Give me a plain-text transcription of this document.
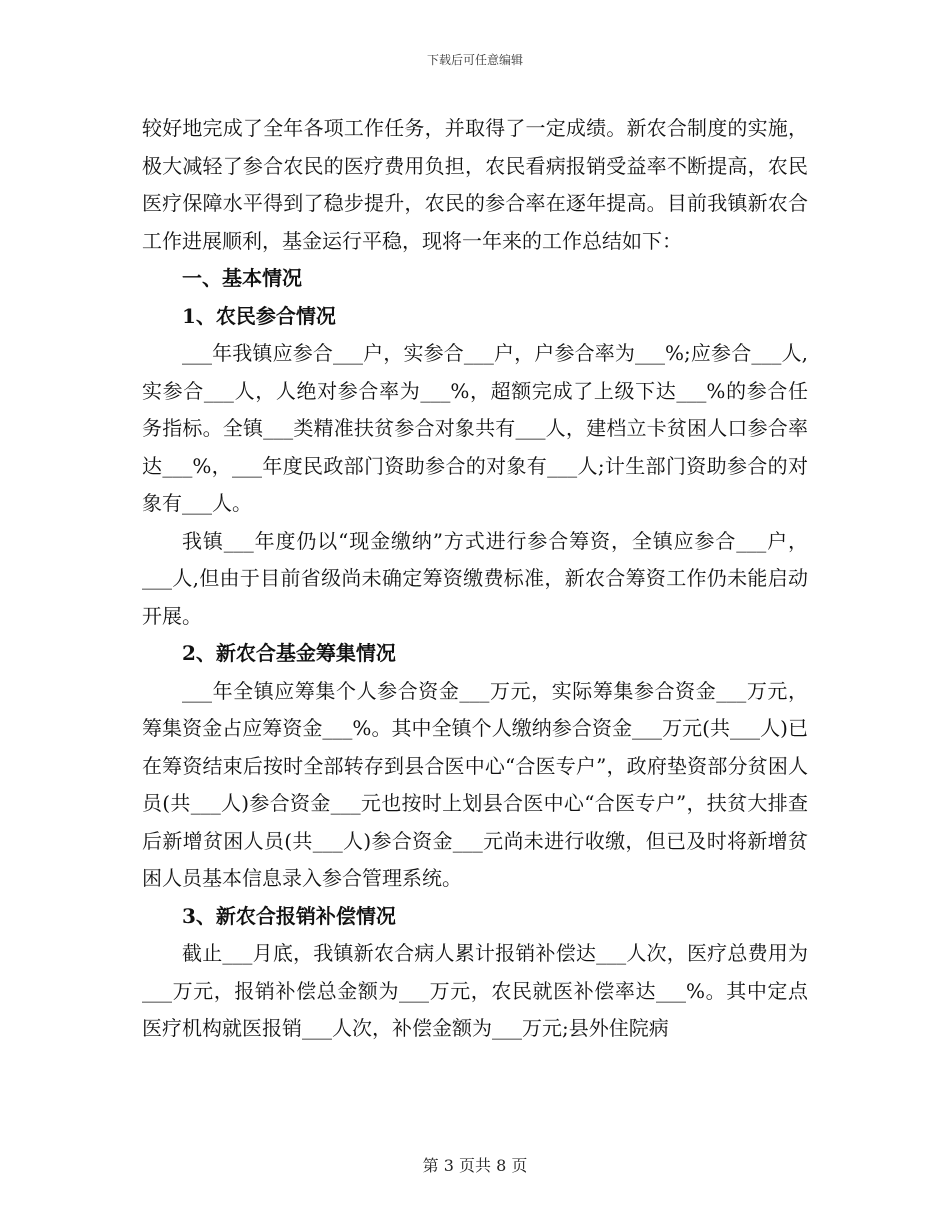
下载后可任意编辑

较好地完成了全年各项工作任务，并取得了一定成绩。新农合制度的实施，极大减轻了参合农民的医疗费用负担，农民看病报销受益率不断提高，农民医疗保障水平得到了稳步提升，农民的参合率在逐年提高。目前我镇新农合工作进展顺利，基金运行平稳，现将一年来的工作总结如下：

一、基本情况

1、农民参合情况

___年我镇应参合___户，实参合___户，户参合率为___%;应参合___人,实参合___人，人绝对参合率为___%，超额完成了上级下达___%的参合任务指标。全镇___类精准扶贫参合对象共有___人，建档立卡贫困人口参合率达___%，___年度民政部门资助参合的对象有___人;计生部门资助参合的对象有___人。

我镇___年度仍以“现金缴纳”方式进行参合筹资，全镇应参合___户，___人,但由于目前省级尚未确定筹资缴费标准，新农合筹资工作仍未能启动开展。

2、新农合基金筹集情况

___年全镇应筹集个人参合资金___万元，实际筹集参合资金___万元，筹集资金占应筹资金___%。其中全镇个人缴纳参合资金___万元(共___人)已在筹资结束后按时全部转存到县合医中心“合医专户”，政府垫资部分贫困人员(共___人)参合资金___元也按时上划县合医中心“合医专户”，扶贫大排查后新增贫困人员(共___人)参合资金___元尚未进行收缴，但已及时将新增贫困人员基本信息录入参合管理系统。

3、新农合报销补偿情况

截止___月底，我镇新农合病人累计报销补偿达___人次，医疗总费用为___万元，报销补偿总金额为___万元，农民就医补偿率达___%。其中定点医疗机构就医报销___人次，补偿金额为___万元;县外住院病

第 3 页共 8 页
